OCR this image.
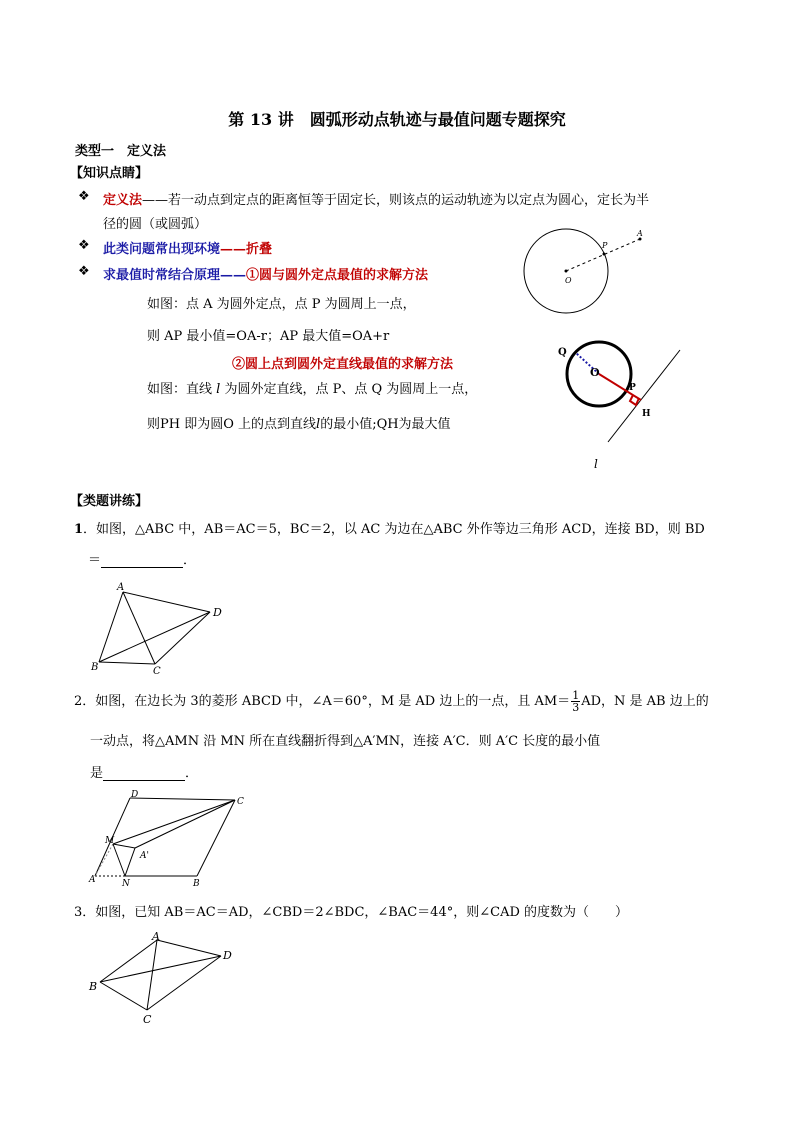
第 13 讲　圆弧形动点轨迹与最值问题专题探究
类型一　定义法
【知识点睛】
❖ 定义法——若一动点到定点的距离恒等于固定长，则该点的运动轨迹为以定点为圆心，定长为半
径的圆（或圆弧）
❖ 此类问题常出现环境——折叠
❖ 求最值时常结合原理——①圆与圆外定点最值的求解方法
如图：点 A 为圆外定点，点 P 为圆周上一点，
则 AP 最小值=OA-r；AP 最大值=OA+r
②圆上点到圆外定直线最值的求解方法
如图：直线 l 为圆外定直线，点 P、点 Q 为圆周上一点，
则PH 即为圆O 上的点到直线l的最小值;QH为最大值
P
A
O
Q
O
P
H
l
【类题讲练】
1．如图，△ABC 中，AB＝AC＝5，BC＝2，以 AC 为边在△ABC 外作等边三角形 ACD，连接 BD，则 BD
＝	．
A
D
B	C
2．如图，在边长为 3的菱形 ABCD 中，∠A＝60°，M 是 AD 边上的一点，且 $AM= \frac{1}{3}$ AD，N 是 AB 边上的
一动点，将△AMN 沿 MN 所在直线翻折得到△A′MN，连接 A′C．则 A′C 长度的最小值
是	．
D
C
M
A'
A	N	B
3．如图，已知 AB＝AC＝AD，∠CBD＝2∠BDC，∠BAC＝44°，则∠CAD 的度数为（　　）
A
D
B
C
